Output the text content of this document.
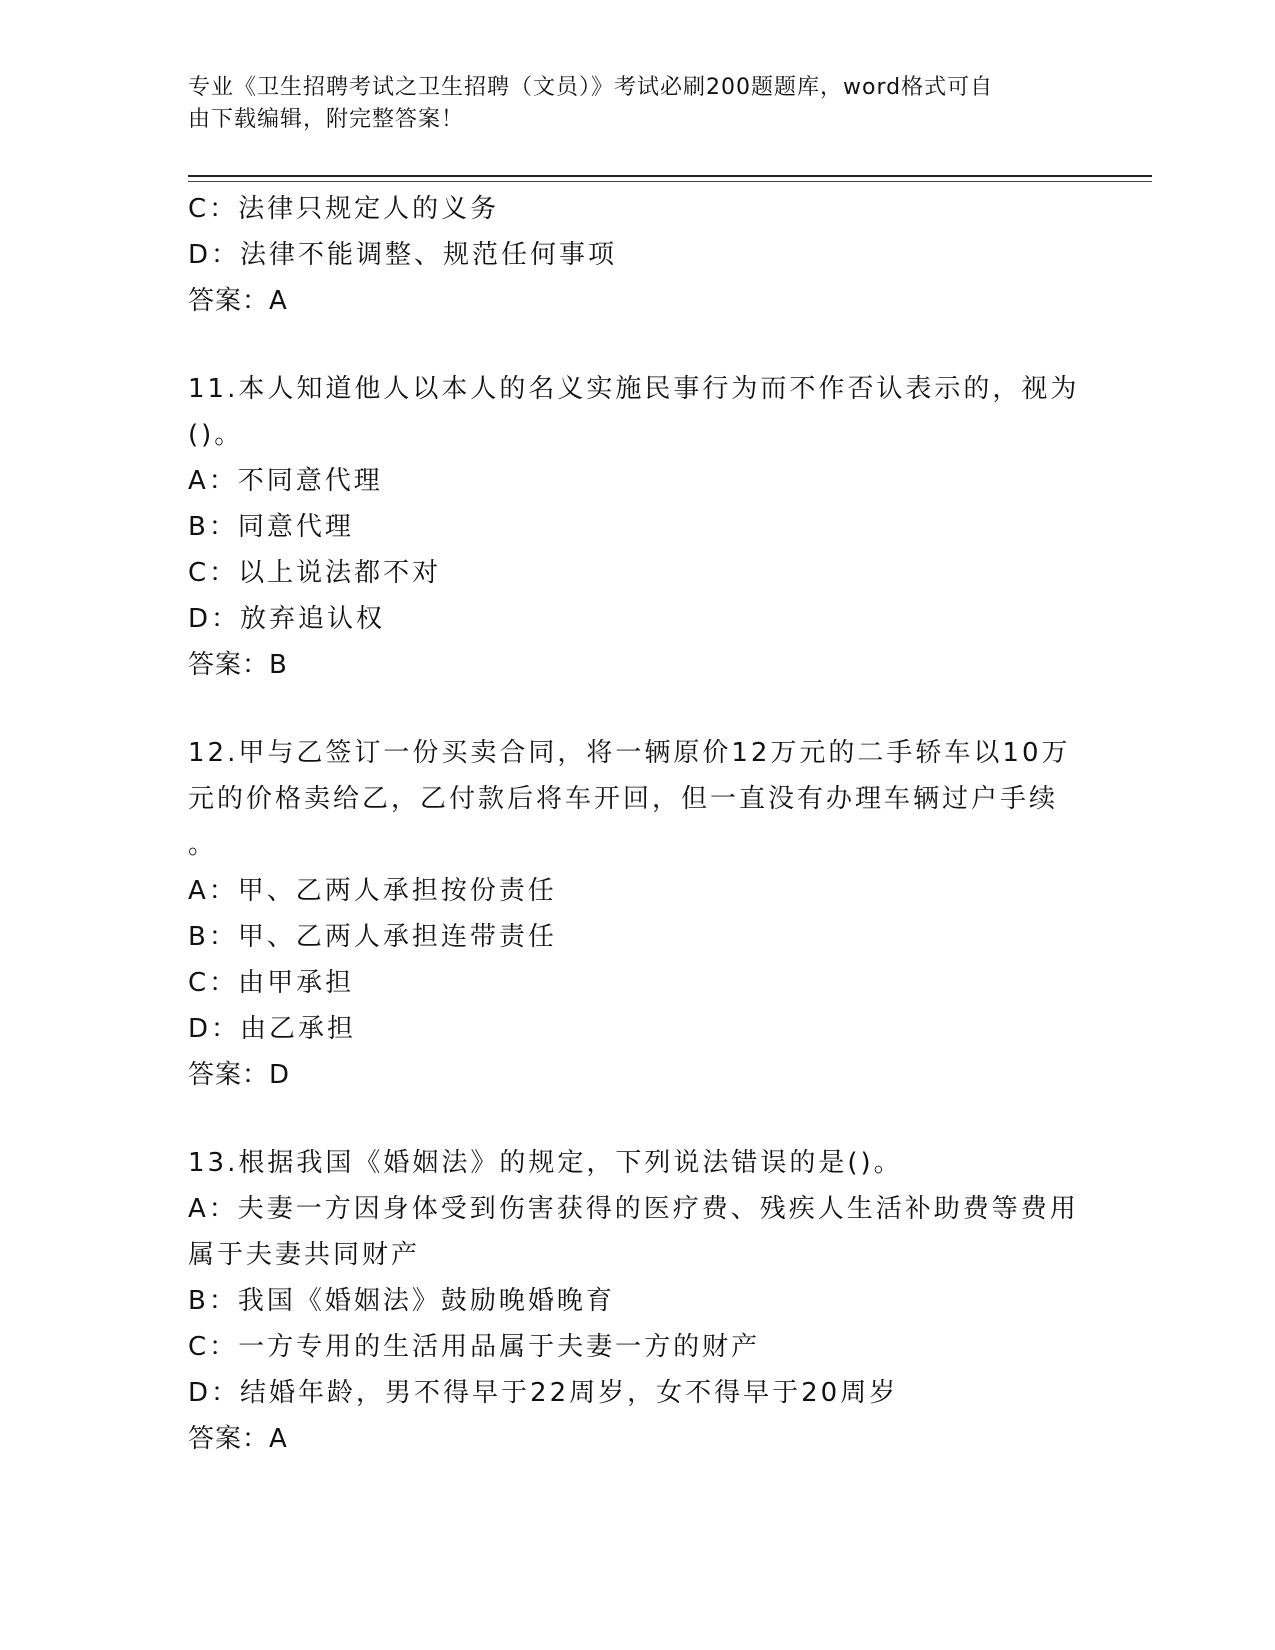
专业《卫生招聘考试之卫生招聘（文员）》考试必刷200题题库，word格式可自
由下载编辑，附完整答案！
C：法律只规定人的义务
D：法律不能调整、规范任何事项
答案：A
11.本人知道他人以本人的名义实施民事行为而不作否认表示的，视为
()。
A：不同意代理
B：同意代理
C：以上说法都不对
D：放弃追认权
答案：B
12.甲与乙签订一份买卖合同，将一辆原价12万元的二手轿车以10万
元的价格卖给乙，乙付款后将车开回，但一直没有办理车辆过户手续
。
A：甲、乙两人承担按份责任
B：甲、乙两人承担连带责任
C：由甲承担
D：由乙承担
答案：D
13.根据我国《婚姻法》的规定，下列说法错误的是()。
A：夫妻一方因身体受到伤害获得的医疗费、残疾人生活补助费等费用
属于夫妻共同财产
B：我国《婚姻法》鼓励晚婚晚育
C：一方专用的生活用品属于夫妻一方的财产
D：结婚年龄，男不得早于22周岁，女不得早于20周岁
答案：A
